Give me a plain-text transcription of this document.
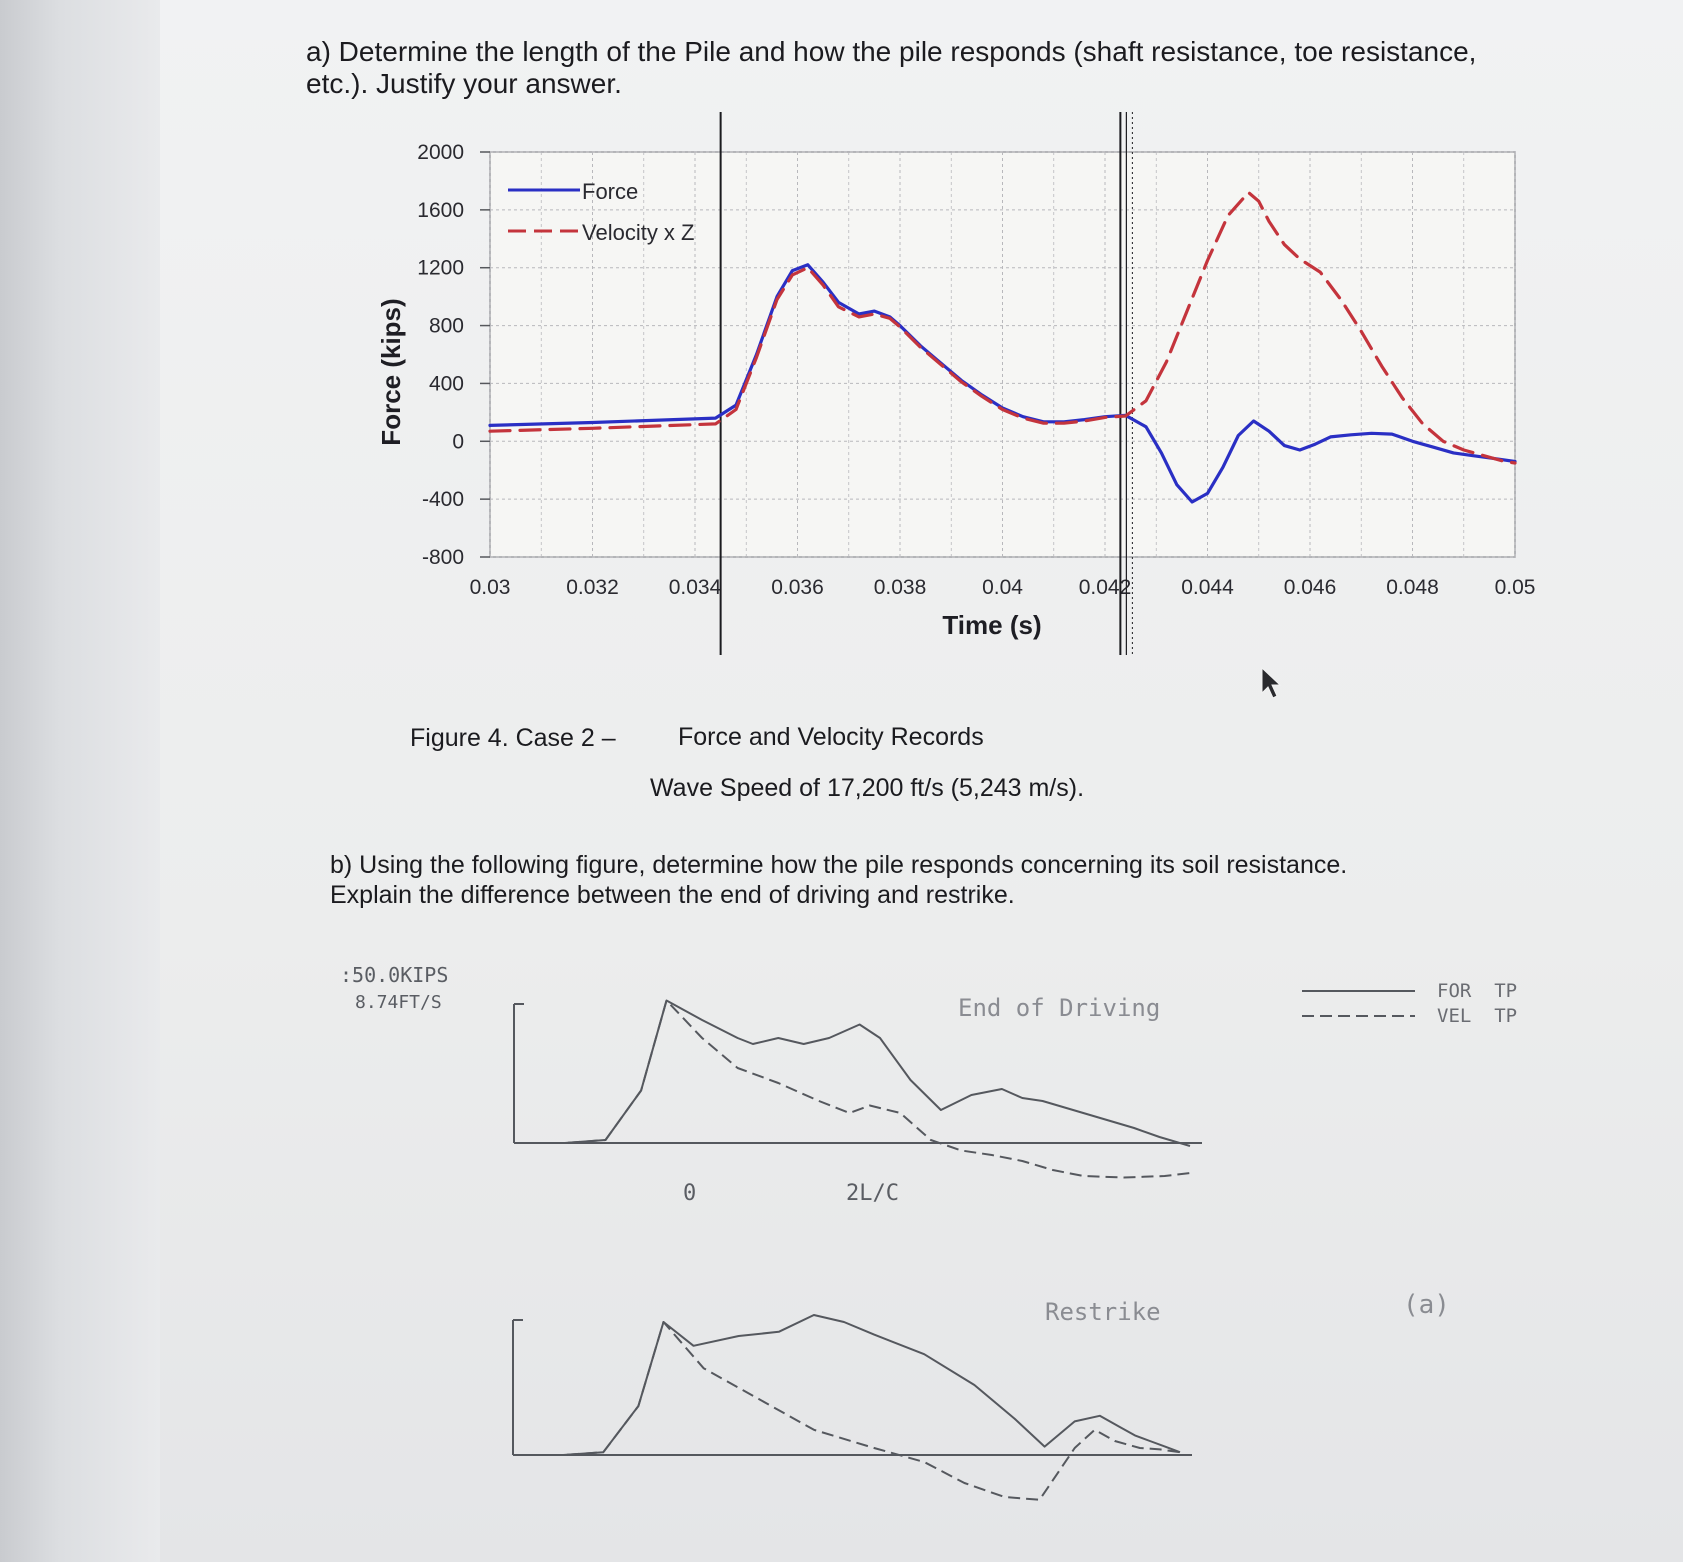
a) Determine the length of the Pile and how the pile responds (shaft resistance, toe resistance,
etc.). Justify your answer.

2000
1600
1200
800
400
0
-400
-800
0.03	0.032 0.034 0.036 0.038	0.04	0.042 0.044 0.046 0.048	0.05
Force (kips)
Time (s)
Force
Velocity x Z
:50.0KIPS
8.74FT/S	End of Driving
Restrike	(a)
0	2L/C
FOR  TP
VEL  TP

Figure 4. Case 2 – Force and Velocity Records

Wave Speed of 17,200 ft/s (5,243 m/s).

b) Using the following figure, determine how the pile responds concerning its soil resistance.
Explain the difference between the end of driving and restrike.
